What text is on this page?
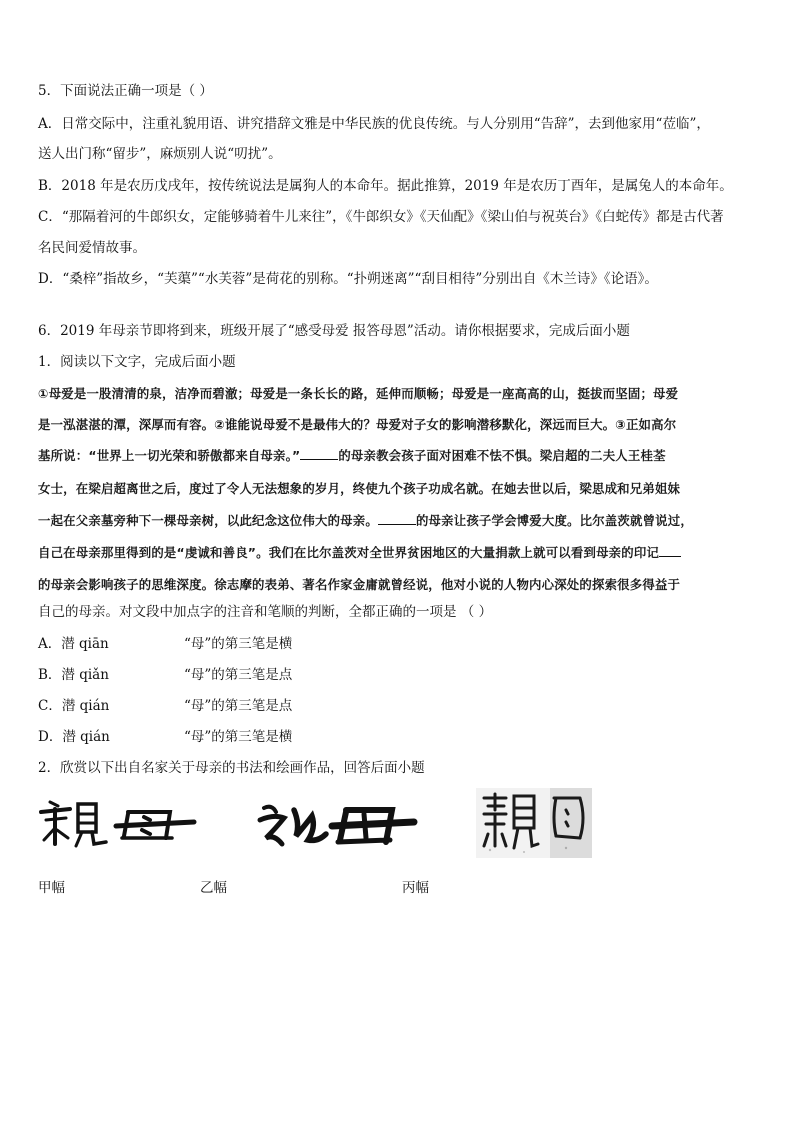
5．下面说法正确一项是（ ）
A．日常交际中，注重礼貌用语、讲究措辞文雅是中华民族的优良传统。与人分别用“告辞”，去到他家用“莅临”，
送人出门称“留步”，麻烦别人说“叨扰”。
B．2018 年是农历戊戌年，按传统说法是属狗人的本命年。据此推算，2019 年是农历丁酉年，是属兔人的本命年。
C．“那隔着河的牛郎织女，定能够骑着牛儿来往”，《牛郎织女》《天仙配》《梁山伯与祝英台》《白蛇传》都是古代著
名民间爱情故事。
D．“桑梓”指故乡，“芙蕖”“水芙蓉”是荷花的别称。“扑朔迷离”“刮目相待”分别出自《木兰诗》《论语》。
6．2019 年母亲节即将到来，班级开展了“感受母爱 报答母恩”活动。请你根据要求，完成后面小题
1．阅读以下文字，完成后面小题
①母爱是一股清清的泉，洁净而碧澈；母爱是一条长长的路，延伸而顺畅；母爱是一座高高的山，挺拔而坚固；母爱
是一泓湛湛的潭，深厚而有容。②谁能说母爱不是最伟大的？母爱对子女的影响潜移默化，深远而巨大。③正如高尔
基所说：“世界上一切光荣和骄傲都来自母亲。”	的母亲教会孩子面对困难不怯不惧。梁启超的二夫人王桂荃
女士，在梁启超离世之后，度过了令人无法想象的岁月，终使九个孩子功成名就。在她去世以后，梁思成和兄弟姐妹
一起在父亲墓旁种下一棵母亲树，以此纪念这位伟大的母亲。	的母亲让孩子学会博爱大度。比尔盖茨就曾说过，
自己在母亲那里得到的是“虔诚和善良”。我们在比尔盖茨对全世界贫困地区的大量捐款上就可以看到母亲的印记
的母亲会影响孩子的思维深度。徐志摩的表弟、著名作家金庸就曾经说，他对小说的人物内心深处的探索很多得益于
自己的母亲。对文段中加点字的注音和笔顺的判断，全都正确的一项是 （ ）
A．潜 qiān	“母”的第三笔是横
B．潜 qiǎn	“母”的第三笔是点
C．潜 qián	“母”的第三笔是点
D．潜 qián	“母”的第三笔是横
2．欣赏以下出自名家关于母亲的书法和绘画作品，回答后面小题
甲幅	乙幅	丙幅
